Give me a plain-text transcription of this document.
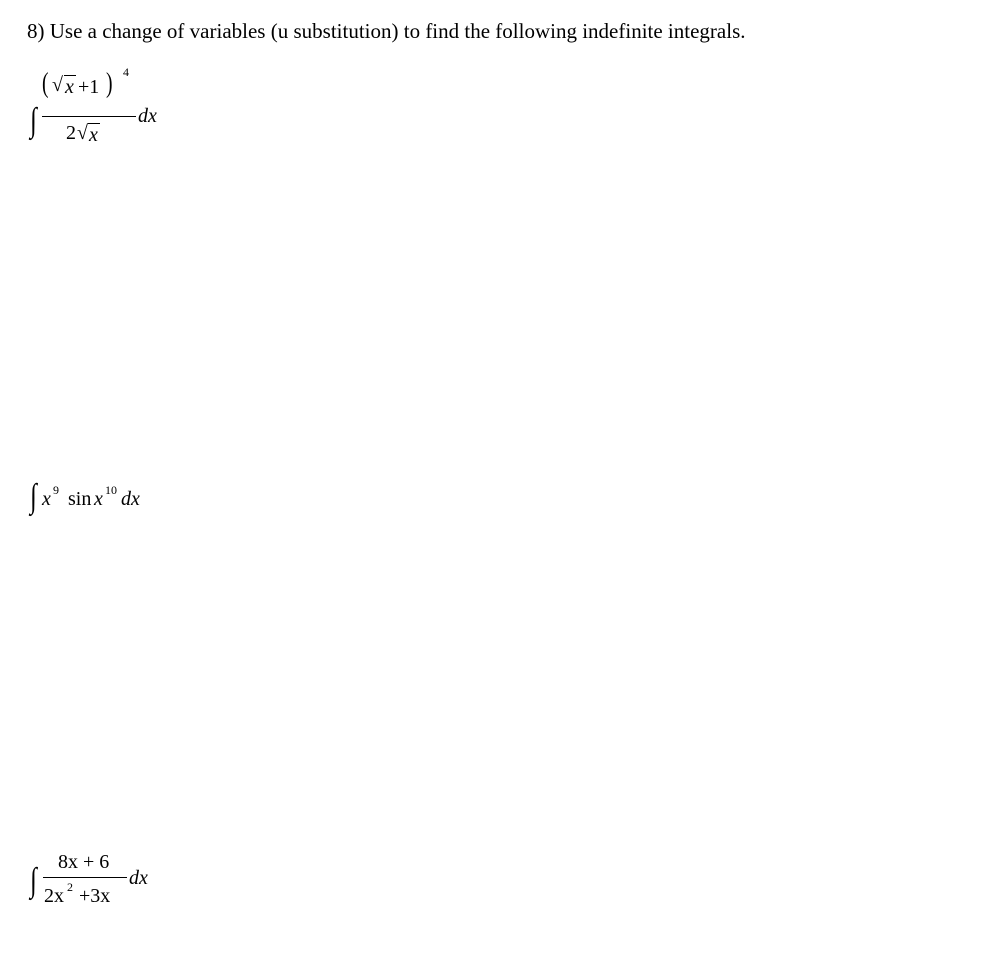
8) Use a change of variables (u substitution) to find the following indefinite integrals.
∫
( √ x +1 ) 4
2 √ x
dx
∫ x 9 sin x 10 dx
∫ 8x + 6
2x 2 +3x
dx
